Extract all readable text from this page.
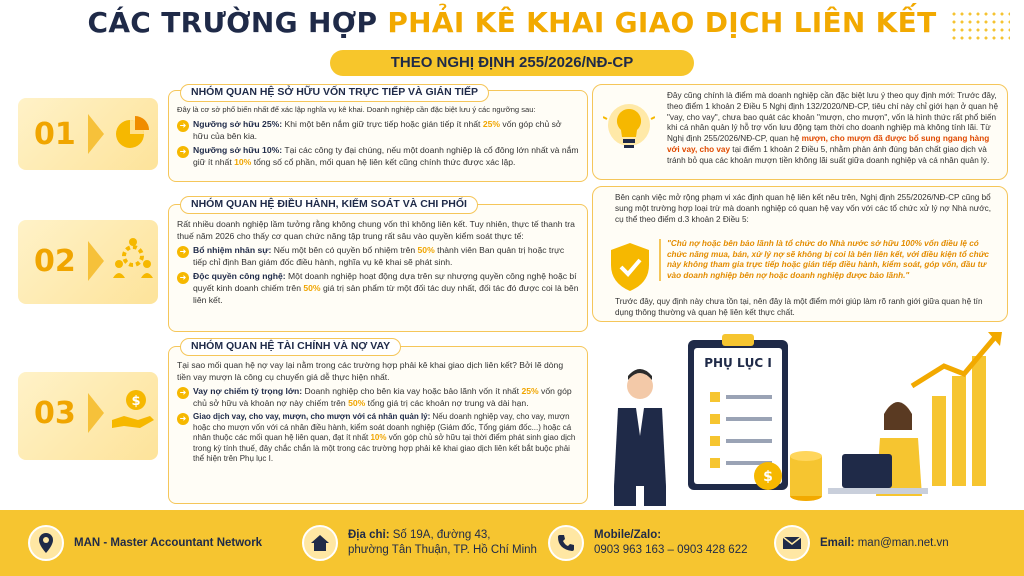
CÁC TRƯỜNG HỢP PHẢI KÊ KHAI GIAO DỊCH LIÊN KẾT
THEO NGHỊ ĐỊNH 255/2026/NĐ-CP
01
Đây là cơ sở phổ biến nhất để xác lập nghĩa vụ kê khai. Doanh nghiệp cần đặc biệt lưu ý các ngưỡng sau:
➜ Ngưỡng sở hữu 25%: Khi một bên nắm giữ trực tiếp hoặc gián tiếp ít nhất 25% vốn góp chủ sở hữu của bên kia.
➜ Ngưỡng sở hữu 10%: Tại các công ty đại chúng, nếu một doanh nghiệp là cổ đông lớn nhất và nắm giữ ít nhất 10% tổng số cổ phần, mối quan hệ liên kết cũng chính thức được xác lập.
NHÓM QUAN HỆ SỞ HỮU VỐN TRỰC TIẾP VÀ GIÁN TIẾP
02
Rất nhiều doanh nghiệp lầm tưởng rằng không chung vốn thì không liên kết. Tuy nhiên, thực tế thanh tra thuế năm 2026 cho thấy cơ quan chức năng tập trung rất sâu vào quyền kiểm soát thực tế:
➜ Bổ nhiệm nhân sự: Nếu một bên có quyền bổ nhiệm trên 50% thành viên Ban quản trị hoặc trực tiếp chỉ định Ban giám đốc điều hành, nghĩa vụ kê khai sẽ phát sinh.
➜ Độc quyền công nghệ: Một doanh nghiệp hoạt động dựa trên sự nhượng quyền công nghệ hoặc bí quyết kinh doanh chiếm trên 50% giá trị sản phẩm từ một đối tác duy nhất, đối tác đó được coi là bên liên kết.
NHÓM QUAN HỆ ĐIỀU HÀNH, KIỂM SOÁT VÀ CHI PHỐI
03	$
Tại sao mối quan hệ nợ vay lại nằm trong các trường hợp phải kê khai giao dịch liên kết? Bởi lẽ dòng tiền vay mượn là công cụ chuyển giá dễ thực hiện nhất.
➜ Vay nợ chiếm tỷ trọng lớn: Doanh nghiệp cho bên kia vay hoặc bảo lãnh vốn ít nhất 25% vốn góp chủ sở hữu và khoản nợ này chiếm trên 50% tổng giá trị các khoản nợ trung và dài hạn.
➜ Giao dịch vay, cho vay, mượn, cho mượn với cá nhân quản lý: Nếu doanh nghiệp vay, cho vay, mượn hoặc cho mượn vốn với cá nhân điều hành, kiểm soát doanh nghiệp (Giám đốc, Tổng giám đốc...) hoặc cá nhân thuộc các mối quan hệ liên quan, đạt ít nhất 10% vốn góp chủ sở hữu tại thời điểm phát sinh giao dịch trong kỳ tính thuế, đây chắc chắn là một trong các trường hợp phải kê khai giao dịch liên kết bắt buộc phải thể hiện trên Phụ lục I.
NHÓM QUAN HỆ TÀI CHÍNH VÀ NỢ VAY
Đây cũng chính là điểm mà doanh nghiệp cần đặc biệt lưu ý theo quy định mới: Trước đây, theo điểm 1 khoản 2 Điều 5 Nghị định 132/2020/NĐ-CP, tiêu chí này chỉ giới hạn ở quan hệ "vay, cho vay", chưa bao quát các khoản "mượn, cho mượn", vốn là hình thức rất phổ biến khi cá nhân quản lý hỗ trợ vốn lưu động tạm thời cho doanh nghiệp mà không tính lãi. Từ Nghị định 255/2026/NĐ-CP, quan hệ mượn, cho mượn đã được bổ sung ngang hàng với vay, cho vay tại điểm 1 khoản 2 Điều 5, nhằm phản ánh đúng bản chất giao dịch và tránh bỏ qua các khoản mượn tiền không lãi suất giữa doanh nghiệp và cá nhân quản lý.
Bên cạnh việc mở rộng phạm vi xác định quan hệ liên kết nêu trên, Nghị định 255/2026/NĐ-CP cũng bổ sung một trường hợp loại trừ mà doanh nghiệp có quan hệ vay vốn với các tổ chức xử lý nợ Nhà nước, cụ thể theo điểm d.3 khoản 2 Điều 5:
"Chủ nợ hoặc bên bảo lãnh là tổ chức do Nhà nước sở hữu 100% vốn điều lệ có chức năng mua, bán, xử lý nợ sẽ không bị coi là bên liên kết, với điều kiện tổ chức này không tham gia trực tiếp hoặc gián tiếp điều hành, kiểm soát, góp vốn, đầu tư vào doanh nghiệp bên nợ hoặc doanh nghiệp được bảo lãnh."
Trước đây, quy định này chưa tồn tại, nên đây là một điểm mới giúp làm rõ ranh giới giữa quan hệ tín dụng thông thường và quan hệ liên kết thực chất.
$
PHỤ LỤC I
MAN - Master Accountant Network
Địa chỉ: Số 19A, đường 43,
phường Tân Thuận, TP. Hồ Chí Minh
Mobile/Zalo:
0903 963 163 – 0903 428 622
Email: man@man.net.vn
